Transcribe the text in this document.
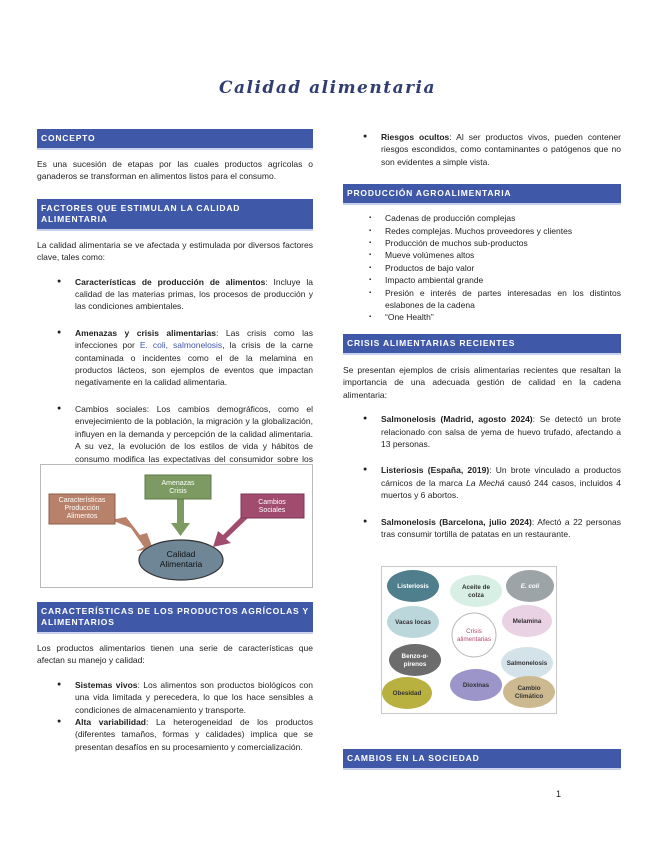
Calidad alimentaria
CONCEPTO

Es una sucesión de etapas por las cuales productos agrícolas o ganaderos se transforman en alimentos listos para el consumo.

FACTORES QUE ESTIMULAN LA CALIDAD ALIMENTARIA

La calidad alimentaria se ve afectada y estimulada por diversos factores clave, tales como:

● Características de producción de alimentos: Incluye la calidad de las materias primas, los procesos de producción y las condiciones ambientales.
● Amenazas y crisis alimentarias: Las crisis como las infecciones por E. coli, salmonelosis, la crisis de la carne contaminada o incidentes como el de la melamina en productos lácteos, son ejemplos de eventos que impactan negativamente en la calidad alimentaria.
● Cambios sociales: Los cambios demográficos, como el envejecimiento de la población, la migración y la globalización, influyen en la demanda y percepción de la calidad alimentaria. A su vez, la evolución de los estilos de vida y hábitos de consumo modifica las expectativas del consumidor sobre los
Características Producción Alimentos
Amenazas Crisis
Cambios Sociales
Calidad Alimentaria
CARACTERÍSTICAS DE LOS PRODUCTOS AGRÍCOLAS Y ALIMENTARIOS

Los productos alimentarios tienen una serie de características que afectan su manejo y calidad:

● Sistemas vivos: Los alimentos son productos biológicos con una vida limitada y perecedera, lo que los hace sensibles a condiciones de almacenamiento y transporte.
● Alta variabilidad: La heterogeneidad de los productos (diferentes tamaños, formas y calidades) implica que se presentan desafíos en su procesamiento y comercialización.
● Riesgos ocultos: Al ser productos vivos, pueden contener riesgos escondidos, como contaminantes o patógenos que no son evidentes a simple vista.
PRODUCCIÓN AGROALIMENTARIA
▪ Cadenas de producción complejas
▪ Redes complejas. Muchos proveedores y clientes
▪ Producción de muchos sub-productos
▪ Mueve volúmenes altos
▪ Productos de bajo valor
▪ Impacto ambiental grande
▪ Presión e interés de partes interesadas en los distintos eslabones de la cadena
▪ “One Health”
CRISIS ALIMENTARIAS RECIENTES

Se presentan ejemplos de crisis alimentarias recientes que resaltan la importancia de una adecuada gestión de calidad en la cadena alimentaria:

● Salmonelosis (Madrid, agosto 2024): Se detectó un brote relacionado con salsa de yema de huevo trufado, afectando a 13 personas.
● Listeriosis (España, 2019): Un brote vinculado a productos cárnicos de la marca La Mechá causó 244 casos, incluidos 4 muertos y 6 abortos.
● Salmonelosis (Barcelona, julio 2024): Afectó a 22 personas tras consumir tortilla de patatas en un restaurante.
Listeriosis	Aceite de colza
E. coli
Vacas locas	Melamina
Benzo-α-pirenos	Salmonelosis
Obesidad
Dioxinas	Cambio Climático
Crisis alimentarias
CAMBIOS EN LA SOCIEDAD
1
